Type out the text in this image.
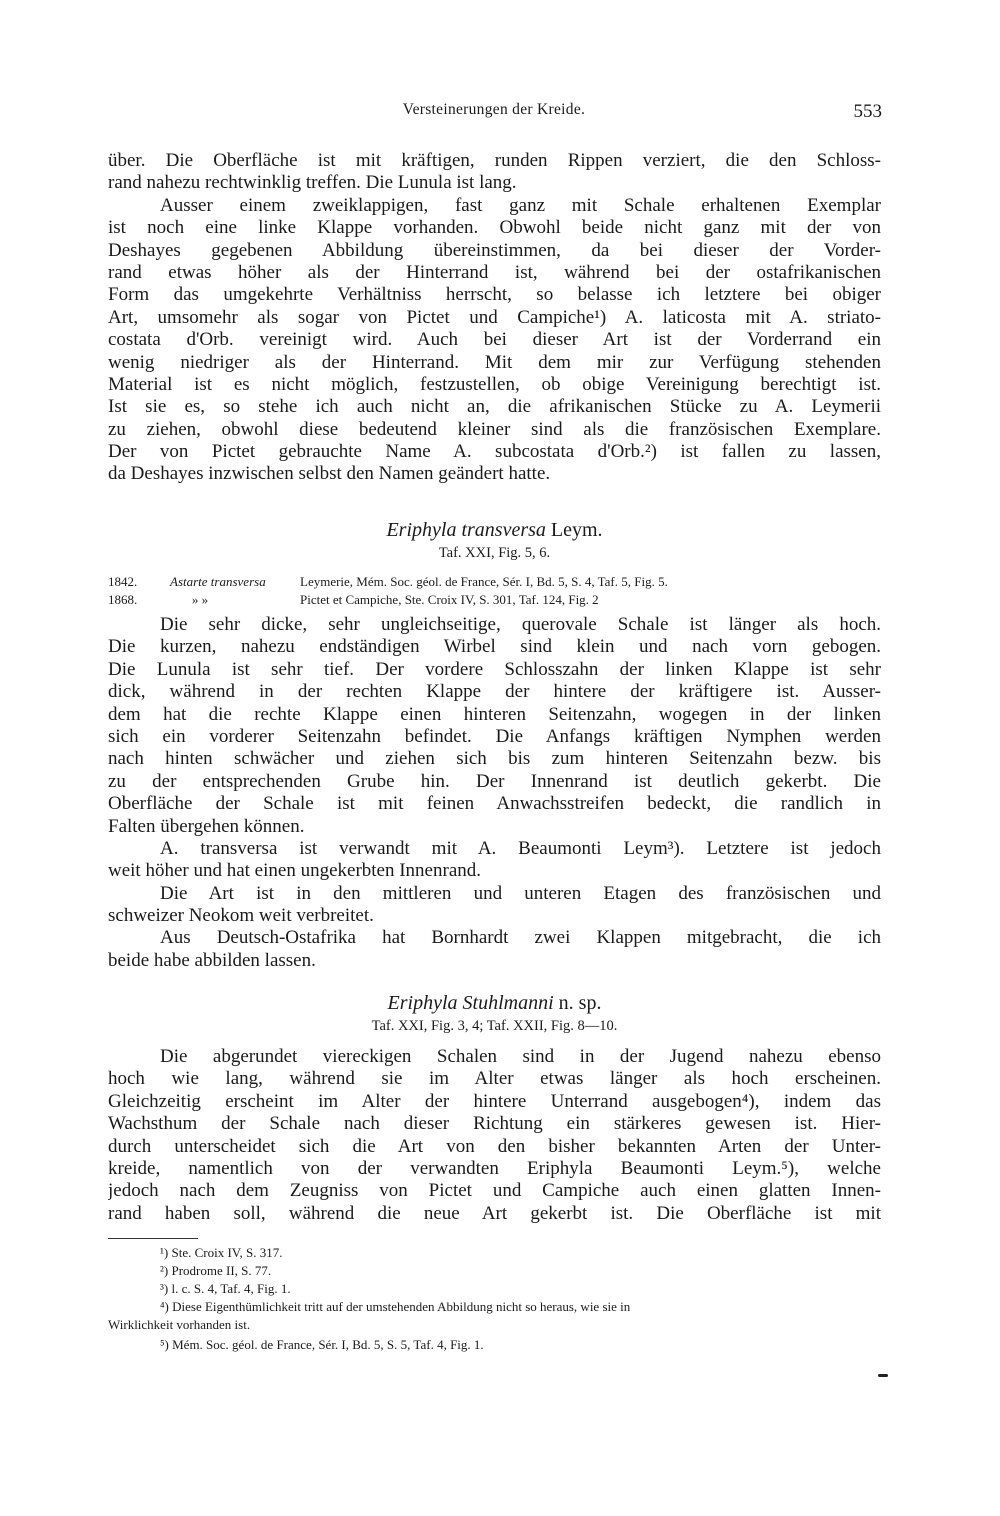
Versteinerungen der Kreide.	553
über. Die Oberfläche ist mit kräftigen, runden Rippen verziert, die den Schloss-
rand nahezu rechtwinklig treffen. Die Lunula ist lang.
Ausser einem zweiklappigen, fast ganz mit Schale erhaltenen Exemplar
ist noch eine linke Klappe vorhanden. Obwohl beide nicht ganz mit der von
Deshayes gegebenen Abbildung übereinstimmen, da bei dieser der Vorder-
rand etwas höher als der Hinterrand ist, während bei der ostafrikanischen
Form das umgekehrte Verhältniss herrscht, so belasse ich letztere bei obiger
Art, umsomehr als sogar von Pictet und Campiche¹) A. laticosta mit A. striato-
costata d'Orb. vereinigt wird. Auch bei dieser Art ist der Vorderrand ein
wenig niedriger als der Hinterrand. Mit dem mir zur Verfügung stehenden
Material ist es nicht möglich, festzustellen, ob obige Vereinigung berechtigt ist.
Ist sie es, so stehe ich auch nicht an, die afrikanischen Stücke zu A. Leymerii
zu ziehen, obwohl diese bedeutend kleiner sind als die französischen Exemplare.
Der von Pictet gebrauchte Name A. subcostata d'Orb.²) ist fallen zu lassen,
da Deshayes inzwischen selbst den Namen geändert hatte.
Eriphyla transversa Leym.
Taf. XXI, Fig. 5, 6.
1842.	Astarte transversa	Leymerie, Mém. Soc. géol. de France, Sér. I, Bd. 5, S. 4, Taf. 5, Fig. 5.
1868.	» »	Pictet et Campiche, Ste. Croix IV, S. 301, Taf. 124, Fig. 2
Die sehr dicke, sehr ungleichseitige, querovale Schale ist länger als hoch.
Die kurzen, nahezu endständigen Wirbel sind klein und nach vorn gebogen.
Die Lunula ist sehr tief. Der vordere Schlosszahn der linken Klappe ist sehr
dick, während in der rechten Klappe der hintere der kräftigere ist. Ausser-
dem hat die rechte Klappe einen hinteren Seitenzahn, wogegen in der linken
sich ein vorderer Seitenzahn befindet. Die Anfangs kräftigen Nymphen werden
nach hinten schwächer und ziehen sich bis zum hinteren Seitenzahn bezw. bis
zu der entsprechenden Grube hin. Der Innenrand ist deutlich gekerbt. Die
Oberfläche der Schale ist mit feinen Anwachsstreifen bedeckt, die randlich in
Falten übergehen können.
A. transversa ist verwandt mit A. Beaumonti Leym³). Letztere ist jedoch
weit höher und hat einen ungekerbten Innenrand.
Die Art ist in den mittleren und unteren Etagen des französischen und
schweizer Neokom weit verbreitet.
Aus Deutsch-Ostafrika hat Bornhardt zwei Klappen mitgebracht, die ich
beide habe abbilden lassen.
Eriphyla Stuhlmanni n. sp.
Taf. XXI, Fig. 3, 4; Taf. XXII, Fig. 8—10.
Die abgerundet viereckigen Schalen sind in der Jugend nahezu ebenso
hoch wie lang, während sie im Alter etwas länger als hoch erscheinen.
Gleichzeitig erscheint im Alter der hintere Unterrand ausgebogen⁴), indem das
Wachsthum der Schale nach dieser Richtung ein stärkeres gewesen ist. Hier-
durch unterscheidet sich die Art von den bisher bekannten Arten der Unter-
kreide, namentlich von der verwandten Eriphyla Beaumonti Leym.⁵), welche
jedoch nach dem Zeugniss von Pictet und Campiche auch einen glatten Innen-
rand haben soll, während die neue Art gekerbt ist. Die Oberfläche ist mit
¹) Ste. Croix IV, S. 317.
²) Prodrome II, S. 77.
³) l. c. S. 4, Taf. 4, Fig. 1.
⁴) Diese Eigenthümlichkeit tritt auf der umstehenden Abbildung nicht so heraus, wie sie in
Wirklichkeit vorhanden ist.
⁵) Mém. Soc. géol. de France, Sér. I, Bd. 5, S. 5, Taf. 4, Fig. 1.
